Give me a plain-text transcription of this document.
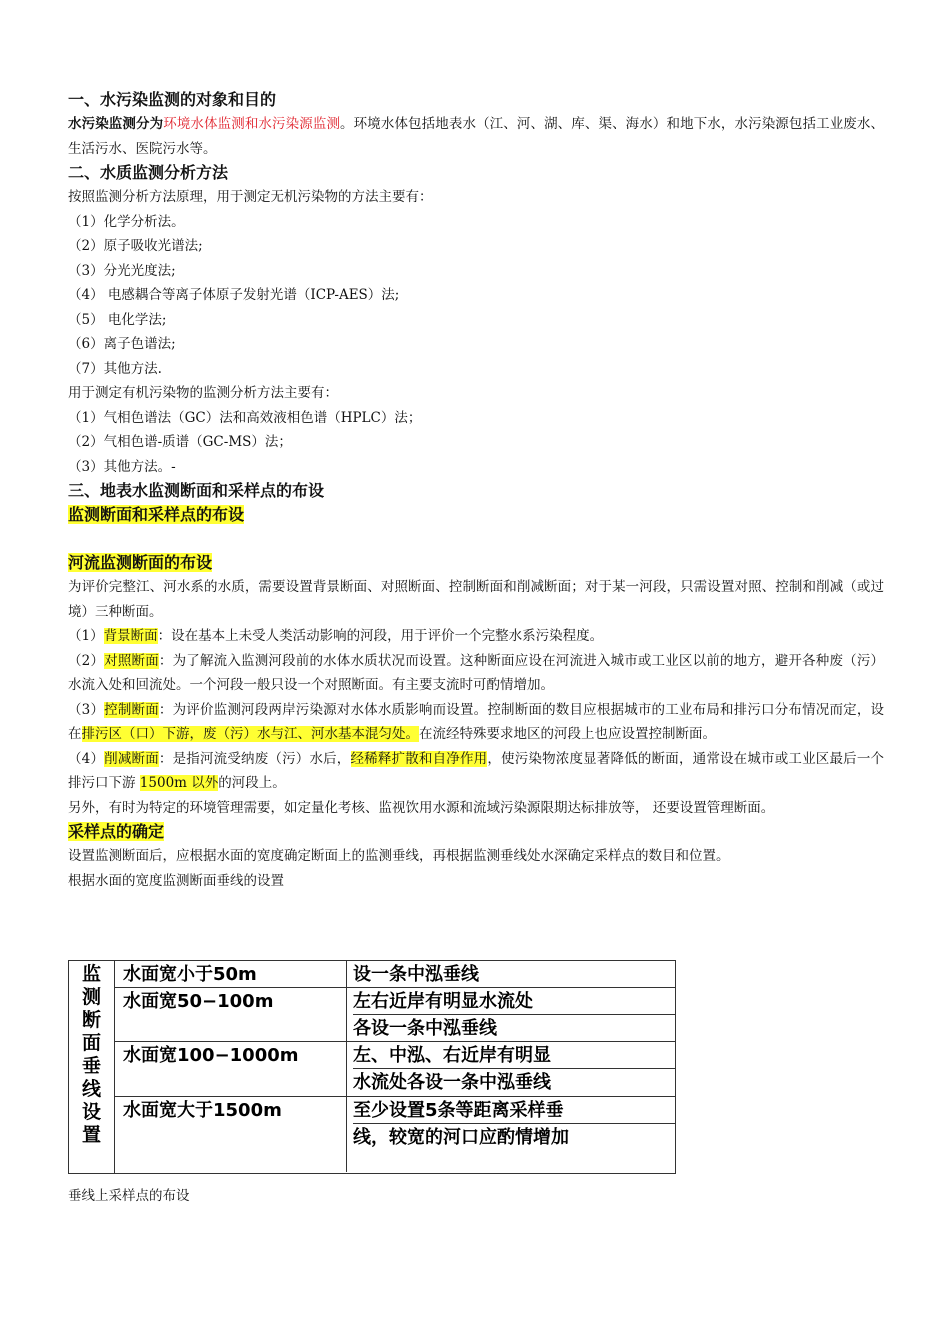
一、水污染监测的对象和目的

水污染监测分为环境水体监测和水污染源监测。环境水体包括地表水（江、河、湖、库、渠、海水）和地下水，水污染源包括工业废水、生活污水、医院污水等。

二、水质监测分析方法

按照监测分析方法原理，用于测定无机污染物的方法主要有：

（1）化学分析法。

（2）原子吸收光谱法;

（3）分光光度法;

（4） 电感耦合等离子体原子发射光谱（ICP-AES）法;

（5） 电化学法;

（6）离子色谱法;

（7）其他方法.

用于测定有机污染物的监测分析方法主要有：

（1）气相色谱法（GC）法和高效液相色谱（HPLC）法；

（2）气相色谱-质谱（GC-MS）法；

（3）其他方法。-

三、地表水监测断面和采样点的布设

监测断面和采样点的布设

河流监测断面的布设

为评价完整江、河水系的水质，需要设置背景断面、对照断面、控制断面和削减断面；对于某一河段，只需设置对照、控制和削减（或过境）三种断面。

（1）背景断面：设在基本上未受人类活动影响的河段，用于评价一个完整水系污染程度。

（2）对照断面：为了解流入监测河段前的水体水质状况而设置。这种断面应设在河流进入城市或工业区以前的地方，避开各种废（污）水流入处和回流处。一个河段一般只设一个对照断面。有主要支流时可酌情增加。

（3）控制断面：为评价监测河段两岸污染源对水体水质影响而设置。控制断面的数目应根据城市的工业布局和排污口分布情况而定，设在排污区（口）下游，废（污）水与江、河水基本混匀处。在流经特殊要求地区的河段上也应设置控制断面。

（4）削减断面：是指河流受纳废（污）水后，经稀释扩散和自净作用，使污染物浓度显著降低的断面，通常设在城市或工业区最后一个排污口下游 1500m 以外的河段上。

另外，有时为特定的环境管理需要，如定量化考核、监视饮用水源和流域污染源限期达标排放等， 还要设置管理断面。

采样点的确定

设置监测断面后，应根据水面的宽度确定断面上的监测垂线，再根据监测垂线处水深确定采样点的数目和位置。

根据水面的宽度监测断面垂线的设置

监
测
断
面
垂
线
设
置
水面宽小于50m	设一条中泓垂线
水面宽50−100m	左右近岸有明显水流处
各设一条中泓垂线
水面宽100−1000m	左、中泓、右近岸有明显
水流处各设一条中泓垂线
水面宽大于1500m	至少设置5条等距离采样垂
线，较宽的河口应酌情增加

垂线上采样点的布设
